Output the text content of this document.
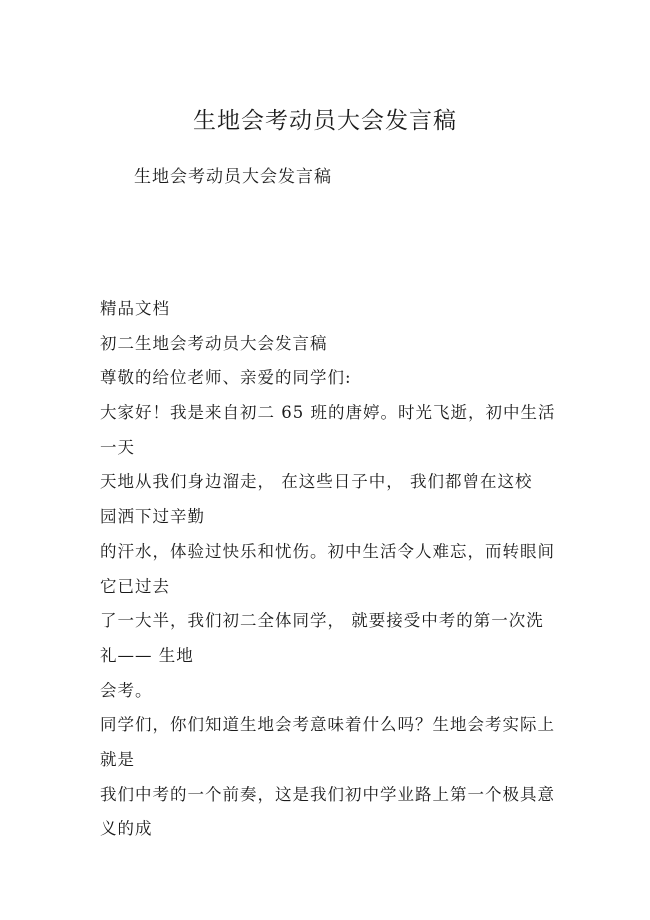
生地会考动员大会发言稿

生地会考动员大会发言稿

精品文档
初二生地会考动员大会发言稿
尊敬的给位老师、亲爱的同学们:
大家好！我是来自初二 65 班的唐婷。时光飞逝，初中生活
一天
天地从我们身边溜走， 在这些日子中， 我们都曾在这校
园洒下过辛勤
的汗水，体验过快乐和忧伤。初中生活令人难忘，而转眼间
它已过去
了一大半，我们初二全体同学， 就要接受中考的第一次洗
礼—— 生地
会考。
同学们，你们知道生地会考意味着什么吗？生地会考实际上
就是
我们中考的一个前奏，这是我们初中学业路上第一个极具意
义的成
